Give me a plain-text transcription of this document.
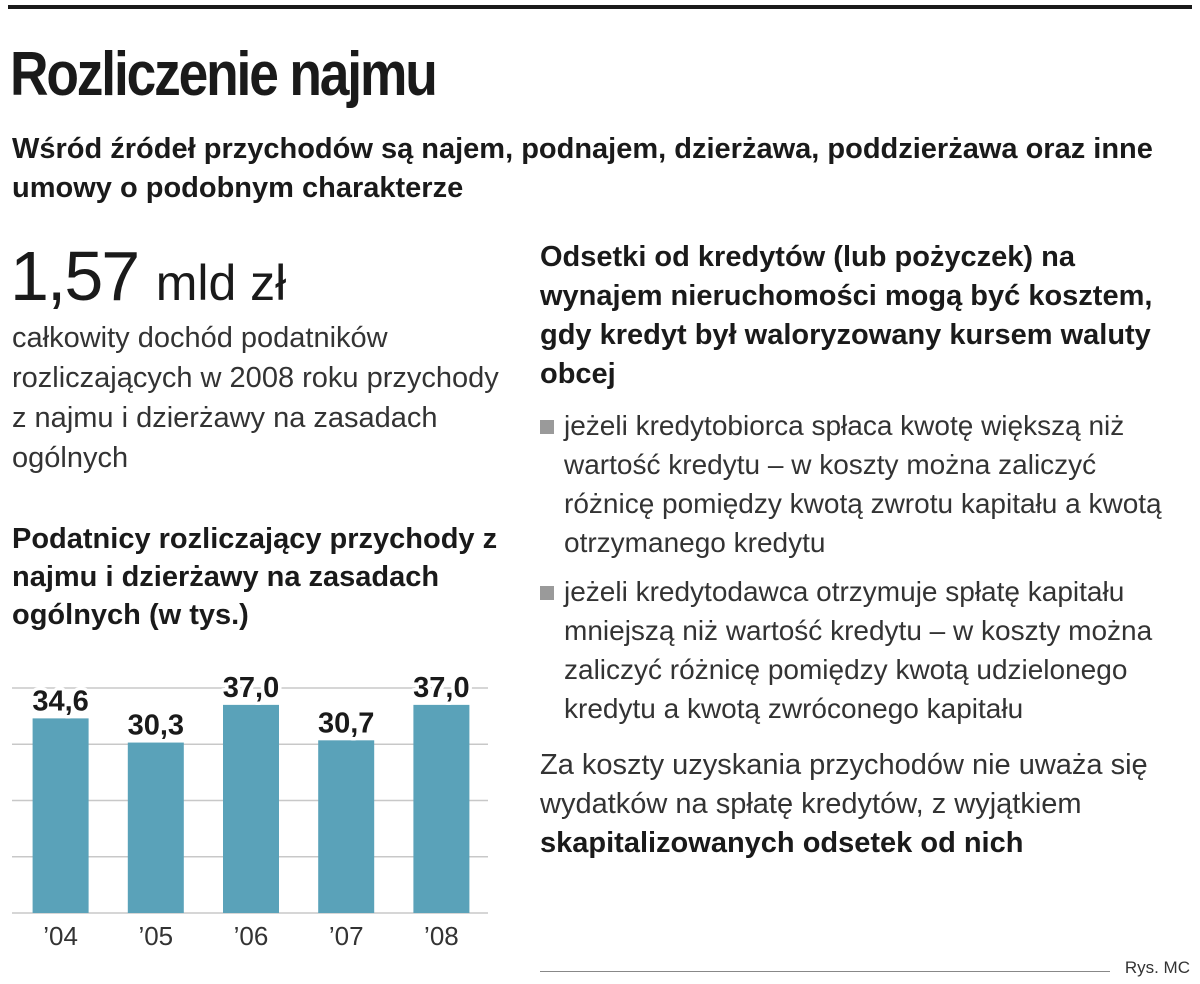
Rozliczenie najmu

Wśród źródeł przychodów są najem, podnajem, dzierżawa, poddzierżawa oraz inne umowy o podobnym charakterze

1,57 mld zł

całkowity dochód podatników rozliczających w 2008 roku przychody z najmu i dzierżawy na zasadach ogólnych

Podatnicy rozliczający przychody z najmu i dzierżawy na zasadach ogólnych (w tys.)

34,6
30,3
37,0
30,7
37,0
’04 ’05 ’06 ’07 ’08

Odsetki od kredytów (lub pożyczek) na wynajem nieruchomości mogą być kosztem, gdy kredyt był waloryzowany kursem waluty obcej

jeżeli kredytobiorca spłaca kwotę większą niż wartość kredytu – w koszty można zaliczyć różnicę pomiędzy kwotą zwrotu kapitału a kwotą otrzymanego kredytu
jeżeli kredytodawca otrzymuje spłatę kapitału mniejszą niż wartość kredytu – w koszty można zaliczyć różnicę pomiędzy kwotą udzielonego kredytu a kwotą zwróconego kapitału

Za koszty uzyskania przychodów nie uważa się wydatków na spłatę kredytów, z wyjątkiem skapitalizowanych odsetek od nich

Rys. MC
